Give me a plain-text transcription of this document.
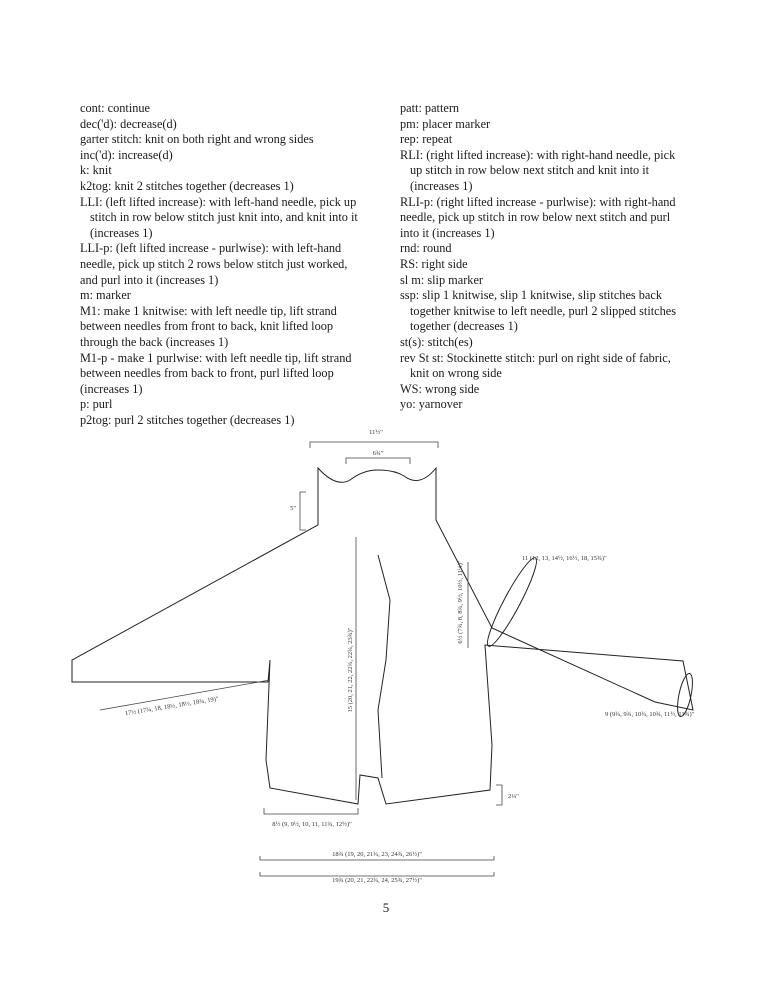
cont: continue
dec('d): decrease(d)
garter stitch: knit on both right and wrong sides
inc('d): increase(d)
k: knit
k2tog: knit 2 stitches together (decreases 1)
LLI: (left lifted increase): with left-hand needle, pick up
stitch in row below stitch just knit into, and knit into it
(increases 1)
LLI-p: (left lifted increase - purlwise): with left-hand
needle, pick up stitch 2 rows below stitch just worked,
and purl into it (increases 1)
m: marker
M1: make 1 knitwise: with left needle tip, lift strand
between needles from front to back, knit lifted loop
through the back (increases 1)
M1-p - make 1 purlwise: with left needle tip, lift strand
between needles from back to front, purl lifted loop
(increases 1)
p: purl
p2tog: purl 2 stitches together (decreases 1)
patt: pattern
pm: placer marker
rep: repeat
RLI: (right lifted increase): with right-hand needle, pick
up stitch in row below next stitch and knit into it
(increases 1)
RLI-p: (right lifted increase - purlwise): with right-hand
needle, pick up stitch in row below next stitch and purl
into it (increases 1)
rnd: round
RS: right side
sl m: slip marker
ssp: slip 1 knitwise, slip 1 knitwise, slip stitches back
together knitwise to left needle, purl 2 slipped stitches
together (decreases 1)
st(s): stitch(es)
rev St st: Stockinette stitch: purl on right side of fabric,
knit on wrong side
WS: wrong side
yo: yarnover
11½"
6¾"
5"
11 (12, 13, 14½, 16½, 18, 15¾)"
6½ (7¾, 8, 8¾, 9½, 10½, 11½)"
15 (20, 21, 22, 22¾, 22¾, 23¾)"
17½ (17¾, 18, 18½, 18½, 18¾, 19)"	9 (9¾, 9¾, 10¾, 10¾, 11½, 11¾)"
2¼"
8½ (9, 9½, 10, 11, 11¾, 12½)"
18¾ (19, 20, 21¾, 23, 24¾, 26½)"
19¾ (20, 21, 22¾, 24, 25¾, 27½)"
5
